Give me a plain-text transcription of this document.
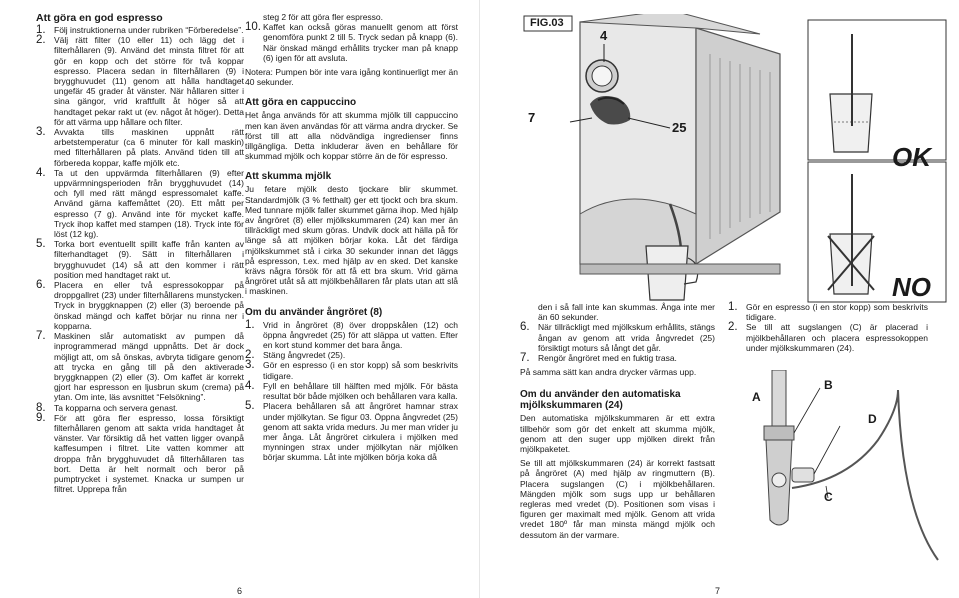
Att göra en god espresso
1. Följ instruktionerna under rubriken “Förberedelse”.
2. Välj rätt filter (10 eller 11) och lägg det i filterhållaren (9). Använd det minsta filtret för att gör en kopp och det större för två koppar espresso. Placera sedan in filterhållaren (9) i brygghuvudet (11) genom att hålla handtaget ungefär 45 grader åt vänster. När hållaren sitter i sina gängor, vrid kraftfullt åt höger så att handtaget pekar rakt ut (ev. något åt höger). Detta för att värma upp hållare och filter.
3. Avvakta tills maskinen uppnått rätt arbetstemperatur (ca 6 minuter för kall maskin) med filterhållaren på plats. Använd tiden till att förbereda koppar, kaffe mjölk etc.
4. Ta ut den uppvärmda filterhållaren (9) efter uppvärmningsperioden från brygghuvudet (14) och fyll med rätt mängd espressomalet kaffe. Använd gärna kaffemåttet (20). Ett mått per espresso (7 g). Använd inte för mycket kaffe. Tryck ihop kaffet med stampen (18). Tryck inte för löst (12 kg).
5. Torka bort eventuellt spillt kaffe från kanten av filterhandtaget (9). Sätt in filterhållaren i brygghuvudet (14) så att den kommer i rätt position med handtaget rakt ut.
6. Placera en eller två espressokoppar på droppgallret (23) under filterhållarens munstycken. Tryck in bryggknappen (2) eller (3) beroende på önskad mängd och kaffet börjar nu rinna ner i kopparna.
7. Maskinen slår automatiskt av pumpen då inprogrammerad mängd uppnåtts. Det är dock möjligt att, om så önskas, avbryta tidigare genom att trycka en gång till på den aktiverade bryggknappen (2) eller (3). Om kaffet är korrekt gjort har espresson en ljusbrun skum (crema) på ytan. Om inte, läs avsnittet “Felsökning”.
8. Ta kopparna och servera genast.
9. För att göra fler espresso, lossa försiktigt filterhållaren genom att sakta vrida handtaget åt vänster. Var försiktig då het vatten ligger ovanpå kaffesumpen i filtret. Lite vatten kommer att droppa från brygghuvudet då filterhållaren tas bort. Detta är helt normalt och beror på pumptrycket i systemet. Knacka ur sumpen ur filtret. Upprepa från

steg 2 för att göra fler espresso.

10. Kaffet kan också göras manuellt genom att först genomföra punkt 2 till 5. Tryck sedan på knapp (6). När önskad mängd erhållits trycker man på knapp (6) igen för att avsluta.

Notera: Pumpen bör inte vara igång kontinuerligt mer än 40 sekunder.

Att göra en cappuccino

Het ånga används för att skumma mjölk till cappuccino men kan även användas för att värma andra drycker. Se först till att alla nödvändiga ingredienser finns tillgängliga. Detta inkluderar även en behållare för skummad mjölk och koppar större än de för espresso.

Att skumma mjölk

Ju fetare mjölk desto tjockare blir skummet. Standardmjölk (3 % fetthalt) ger ett tjockt och bra skum. Med tunnare mjölk faller skummet gärna ihop. Med hjälp av ångröret (8) eller mjölkskummaren (24) kan mer än tillräckligt med skum göras. Undvik dock att hälla på för länge så att mjölken börjar koka. Låt det färdiga mjölkskummet stå i cirka 30 sekunder innan det läggs på espresson, t.ex. med hjälp av en sked. Det kanske krävs några försök för att få ett bra skum. Vrid gärna ångröret utåt så att mjölkbehållaren får plats utan att slå i maskinen.

Om du använder ångröret (8)
1. Vrid in ångröret (8) över droppskålen (12) och öppna ångvredet (25) för att släppa ut vatten. Efter en kort stund kommer det bara ånga.
2. Stäng ångvredet (25).
3. Gör en espresso (i en stor kopp) så som beskrivits tidigare.
4. Fyll en behållare till hälften med mjölk. För bästa resultat bör både mjölken och behållaren vara kalla.
5. Placera behållaren så att ångröret hamnar strax under mjölkytan. Se figur 03. Öppna ångvredet (25) genom att sakta vrida medurs. Ju mer man vrider ju mer ånga. Låt ångröret cirkulera i mjölken med mynningen strax under mjölkytan när mjölken börjar skumma. Låt inte mjölken börja koka då
6
FIG.03
4
7
25
OK
NO

den i så fall inte kan skummas. Ånga inte mer än 60 sekunder.

6. När tillräckligt med mjölkskum erhållits, stängs ångan av genom att vrida ångvredet (25) försiktigt moturs så långt det går.
7. Rengör ångröret med en fuktig trasa.

På samma sätt kan andra drycker värmas upp.

Om du använder den automatiska mjölkskummaren (24)

Den automatiska mjölkskummaren är ett extra tillbehör som gör det enkelt att skumma mjölk, genom att den suger upp mjölken direkt från mjölkpaketet.

Se till att mjölkskummaren (24) är korrekt fastsatt på ångröret (A) med hjälp av ringmuttern (B). Placera sugslangen (C) i mjölkbehållaren. Mängden mjölk som sugs upp ur behållaren regleras med vredet (D). Positionen som visas i figuren ger maximalt med mjölk. Genom att vrida vredet 180º får man minsta mängd mjölk och dessutom än der varmare.

1. Gör en espresso (i en stor kopp) som beskrivits tidigare.
2. Se till att sugslangen (C) är placerad i mjölkbehållaren och placera espressokoppen under mjölkskummaren (24).
B
D
C
A
7
